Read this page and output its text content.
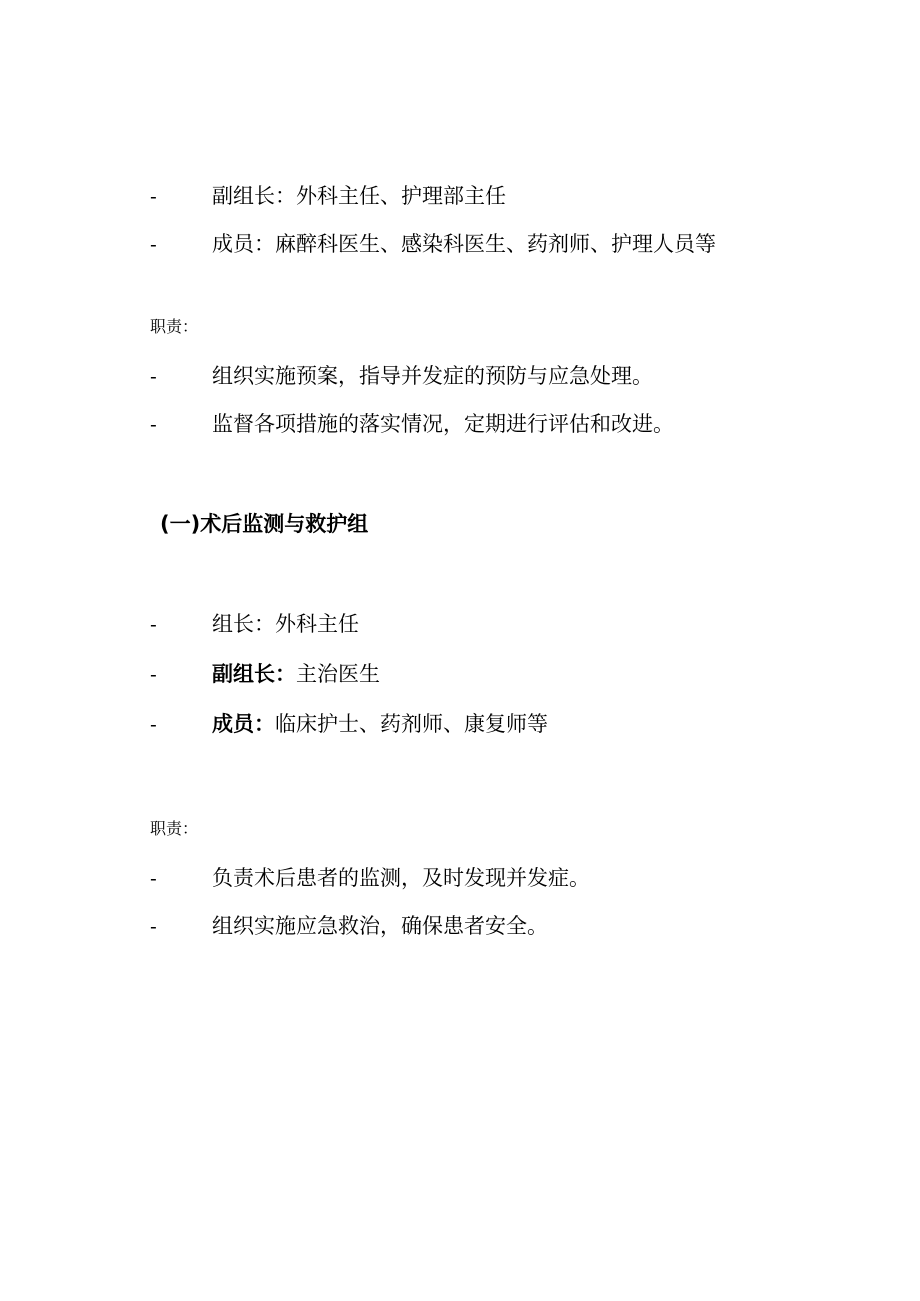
-	副组长：外科主任、护理部主任
-	成员：麻醉科医生、感染科医生、药剂师、护理人员等
职责：
-	组织实施预案，指导并发症的预防与应急处理。
-	监督各项措施的落实情况，定期进行评估和改进。
(一)术后监测与救护组
-	组长：外科主任
-	副组长：主治医生
-	成员：临床护士、药剂师、康复师等
职责：
-	负责术后患者的监测，及时发现并发症。
-	组织实施应急救治，确保患者安全。
